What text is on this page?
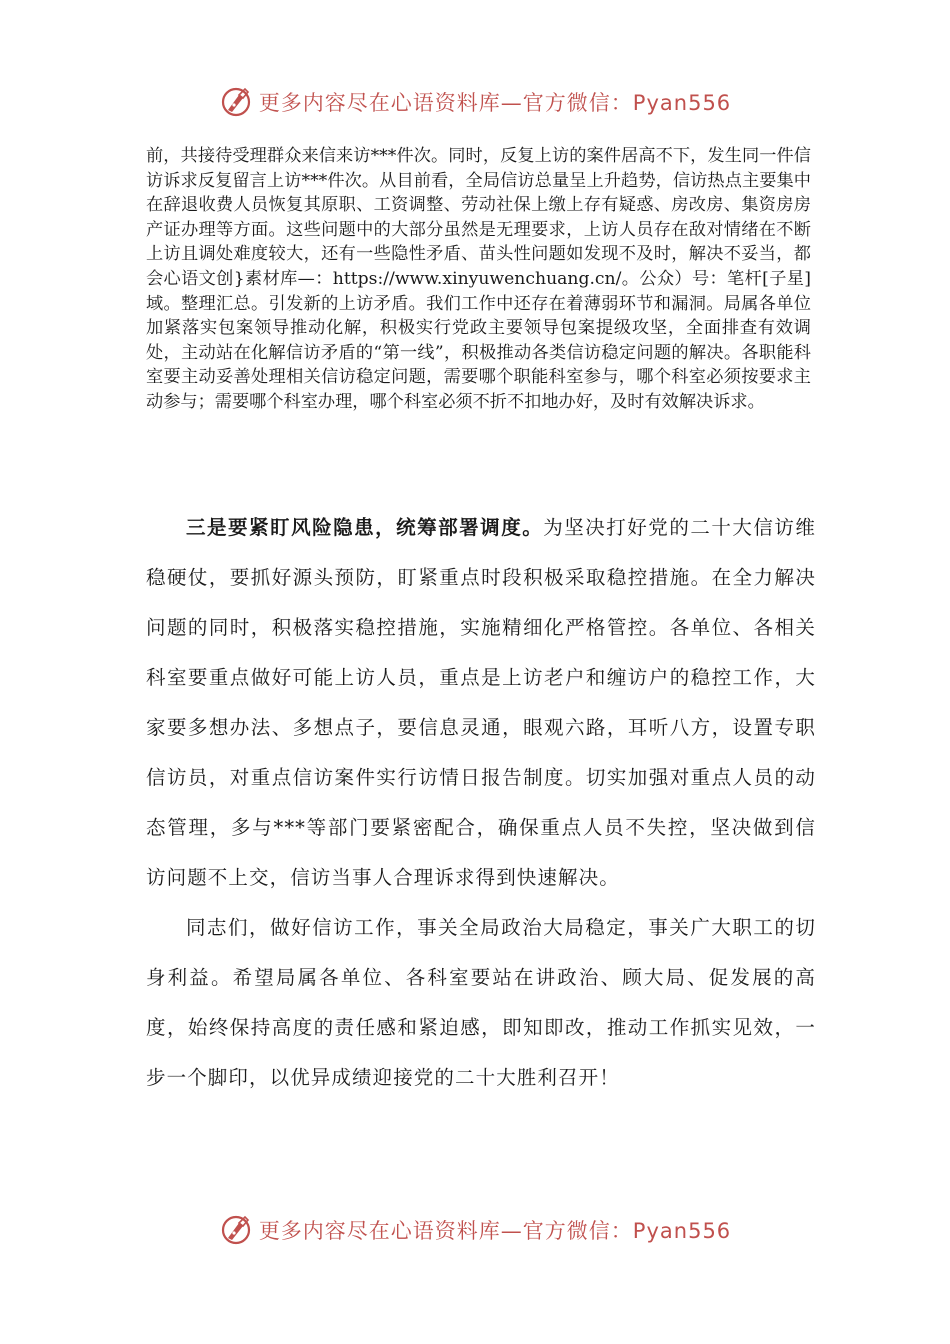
更多内容尽在心语资料库—官方微信：Pyan556

前，共接待受理群众来信来访***件次。同时，反复上访的案件居高不下，发生同一件信访诉求反复留言上访***件次。从目前看，全局信访总量呈上升趋势，信访热点主要集中在辞退收费人员恢复其原职、工资调整、劳动社保上缴上存有疑惑、房改房、集资房房产证办理等方面。这些问题中的大部分虽然是无理要求，上访人员存在敌对情绪在不断上访且调处难度较大，还有一些隐性矛盾、苗头性问题如发现不及时，解决不妥当，都会心语文创}素材库—：https://www.xinyuwenchuang.cn/。公众）号：笔杆[子星]域。整理汇总。引发新的上访矛盾。我们工作中还存在着薄弱环节和漏洞。局属各单位加紧落实包案领导推动化解，积极实行党政主要领导包案提级攻坚，全面排查有效调处，主动站在化解信访矛盾的“第一线”，积极推动各类信访稳定问题的解决。各职能科室要主动妥善处理相关信访稳定问题，需要哪个职能科室参与，哪个科室必须按要求主动参与；需要哪个科室办理，哪个科室必须不折不扣地办好，及时有效解决诉求。

三是要紧盯风险隐患，统筹部署调度。为坚决打好党的二十大信访维稳硬仗，要抓好源头预防，盯紧重点时段积极采取稳控措施。在全力解决问题的同时，积极落实稳控措施，实施精细化严格管控。各单位、各相关科室要重点做好可能上访人员，重点是上访老户和缠访户的稳控工作，大家要多想办法、多想点子，要信息灵通，眼观六路，耳听八方，设置专职信访员，对重点信访案件实行访情日报告制度。切实加强对重点人员的动态管理，多与***等部门要紧密配合，确保重点人员不失控，坚决做到信访问题不上交，信访当事人合理诉求得到快速解决。

同志们，做好信访工作，事关全局政治大局稳定，事关广大职工的切身利益。希望局属各单位、各科室要站在讲政治、顾大局、促发展的高度，始终保持高度的责任感和紧迫感，即知即改，推动工作抓实见效，一步一个脚印，以优异成绩迎接党的二十大胜利召开！

更多内容尽在心语资料库—官方微信：Pyan556
